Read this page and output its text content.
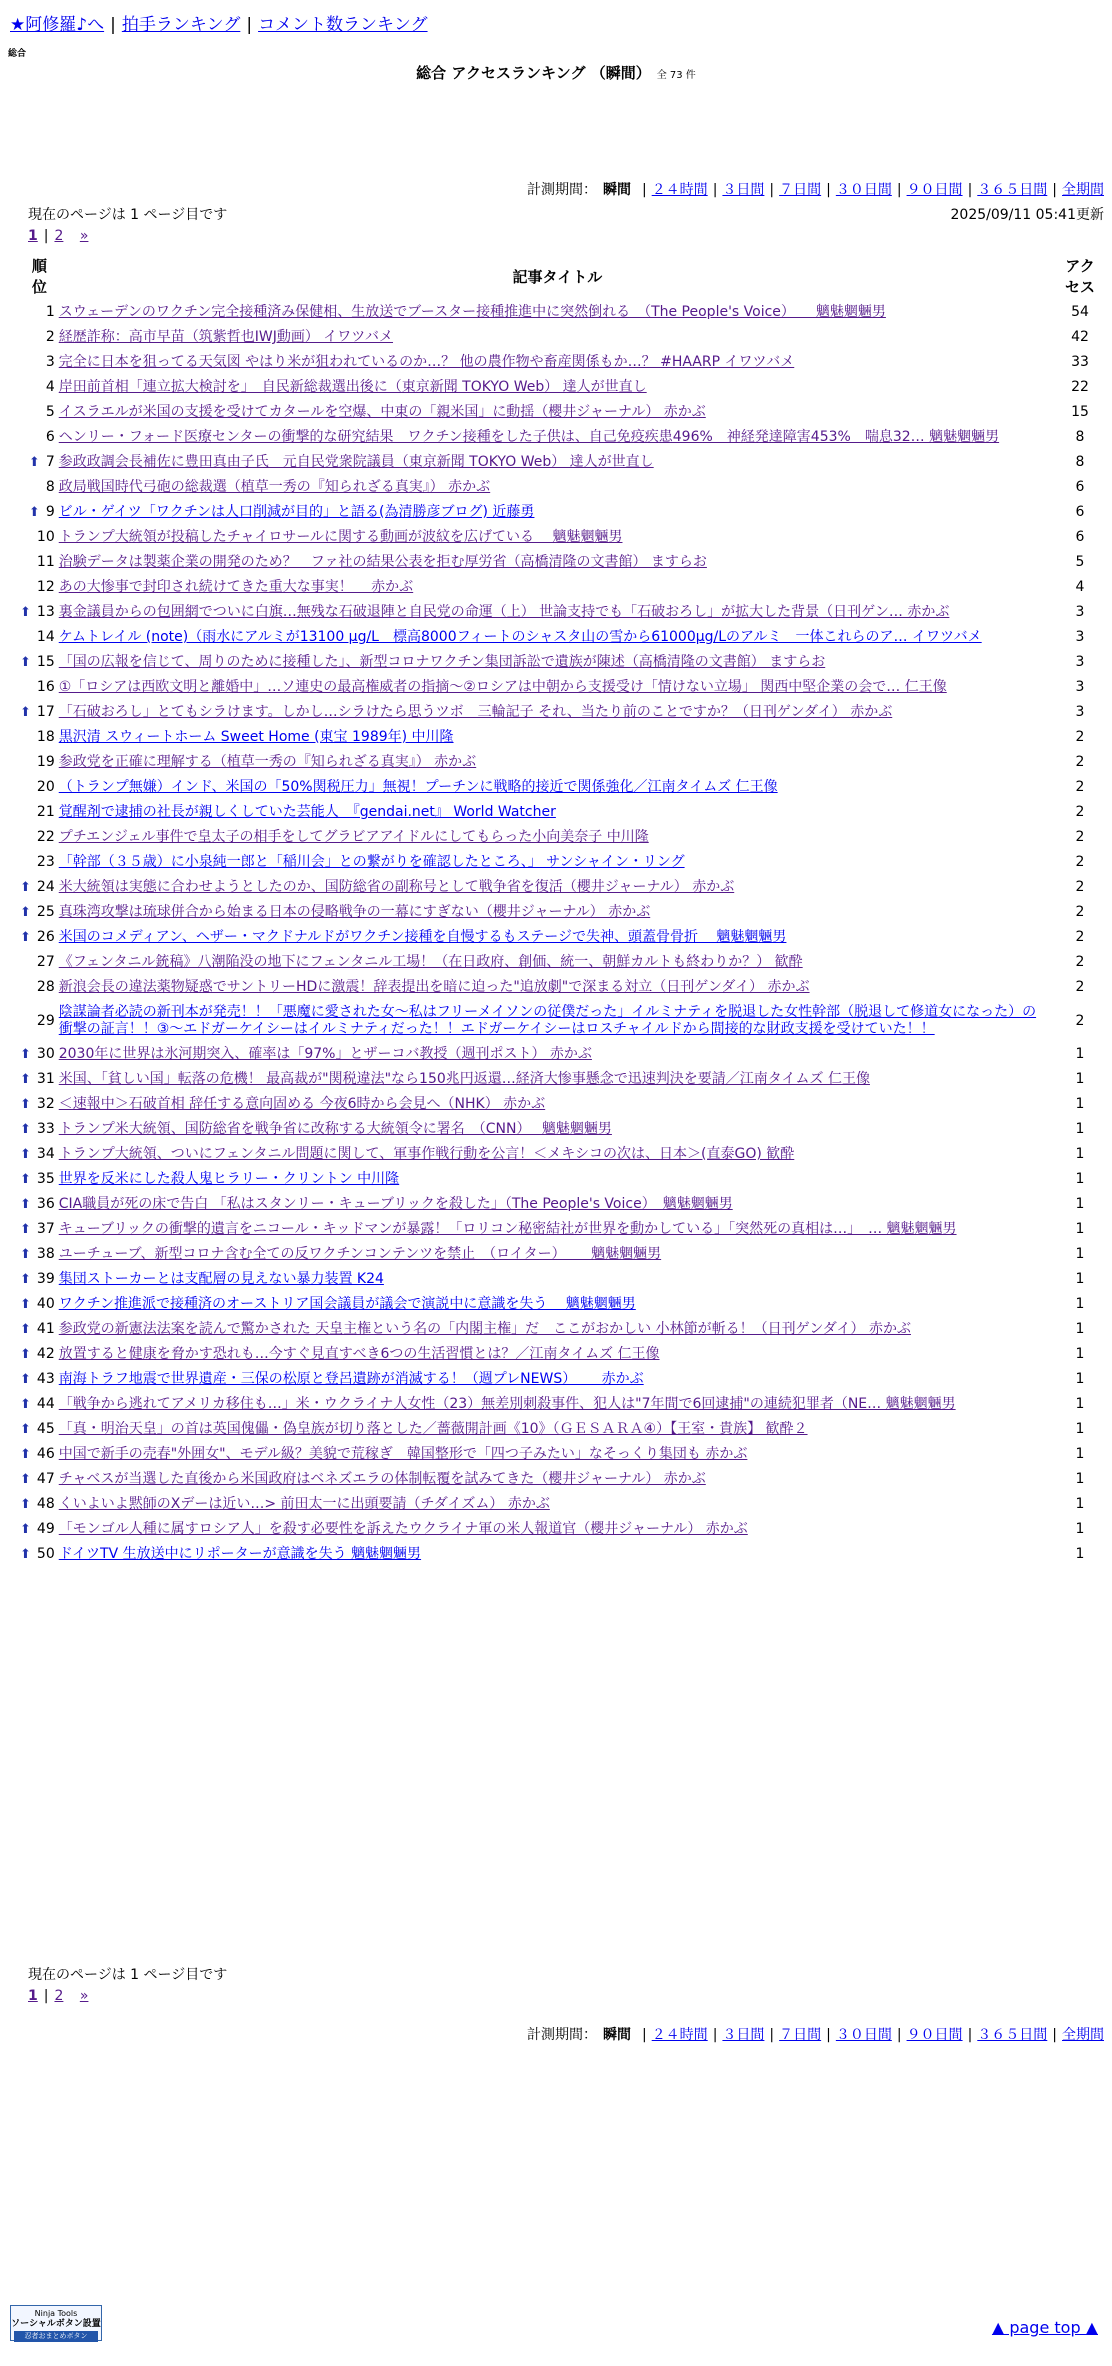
★阿修羅♪へ | 拍手ランキング | コメント数ランキング
総合
総合 アクセスランキング （瞬間） 全 73 件
計測期間： 瞬間 | ２４時間 | ３日間 | ７日間 | ３０日間 | ９０日間 | ３６５日間 | 全期間
現在のページは 1 ページ目です	2025/09/11 05:41更新
1 | 2 »
順
位	記事タイトル	アク
セス
1	スウェーデンのワクチン完全接種済み保健相、生放送でブースター接種推進中に突然倒れる　（The People's Voice）　　魑魅魍魎男	54
2	経歴詐称：高市早苗（筑紫哲也IWJ動画） イワツバメ	42
3	完全に日本を狙ってる天気図 やはり米が狙われているのか…？ 他の農作物や畜産関係もか…？ #HAARP イワツバメ	33
4	岸田前首相「連立拡大検討を」　自民新総裁選出後に（東京新聞 TOKYO Web） 達人が世直し	22
5	イスラエルが米国の支援を受けてカタールを空爆、中東の「親米国」に動揺（櫻井ジャーナル） 赤かぶ	15
6	ヘンリー・フォード医療センターの衝撃的な研究結果　ワクチン接種をした子供は、自己免疫疾患496%　神経発達障害453%　喘息32… 魑魅魍魎男	8
⬆ 7	参政政調会長補佐に豊田真由子氏　元自民党衆院議員（東京新聞 TOKYO Web） 達人が世直し	8
8	政局戦国時代弓砲の総裁選（植草一秀の『知られざる真実』） 赤かぶ	6
⬆ 9	ビル・ゲイツ「ワクチンは人口削減が目的」と語る(為清勝彦ブログ) 近藤勇	6
10	トランプ大統領が投稿したチャイロサールに関する動画が波紋を広げている　 魑魅魍魎男	6
11	治験データは製薬企業の開発のため？　ファ社の結果公表を拒む厚労省（高橋清隆の文書館） ますらお	5
12	あの大惨事で封印され続けてきた重大な事実！　 赤かぶ	4
⬆ 13	裏金議員からの包囲網でついに白旗…無残な石破退陣と自民党の命運（上） 世論支持でも「石破おろし」が拡大した背景（日刊ゲン… 赤かぶ	3
14	ケムトレイル (note)（雨水にアルミが13100 μg/L　標高8000フィートのシャスタ山の雪から61000μg/Lのアルミ　一体これらのア… イワツバメ	3
⬆ 15	「国の広報を信じて、周りのために接種した」、新型コロナワクチン集団訴訟で遺族が陳述（高橋清隆の文書館） ますらお	3
16	①「ロシアは西欧文明と離婚中」…ソ連史の最高権威者の指摘～②ロシアは中朝から支援受け「情けない立場」 関西中堅企業の会で… 仁王像	3
⬆ 17	「石破おろし」とてもシラけます。しかし…シラけたら思うツボ　三輪記子 それ、当たり前のことですか？（日刊ゲンダイ） 赤かぶ	3
18	黒沢清 スウィートホーム Sweet Home (東宝 1989年) 中川隆	2
19	参政党を正確に理解する（植草一秀の『知られざる真実』） 赤かぶ	2
20	（トランプ無嫌）インド、米国の「50%関税圧力」無視！プーチンに戦略的接近で関係強化／江南タイムズ 仁王像	2
21	覚醒剤で逮捕の社長が親しくしていた芸能人　『gendai.net』 World Watcher	2
22	プチエンジェル事件で皇太子の相手をしてグラビアアイドルにしてもらった小向美奈子 中川隆	2
23	「幹部（３５歳）に小泉純一郎と「稲川会」との繋がりを確認したところ、」 サンシャイン・リング	2
⬆ 24	米大統領は実態に合わせようとしたのか、国防総省の副称号として戦争省を復活（櫻井ジャーナル） 赤かぶ	2
⬆ 25	真珠湾攻撃は琉球併合から始まる日本の侵略戦争の一幕にすぎない（櫻井ジャーナル） 赤かぶ	2
⬆ 26	米国のコメディアン、ヘザー・マクドナルドがワクチン接種を自慢するもステージで失神、頭蓋骨骨折　 魑魅魍魎男	2
27	《フェンタニル銃稿》八潮陥没の地下にフェンタニル工場！（在日政府、創価、統一、朝鮮カルトも終わりか？） 歓酔	2
28	新浪会長の違法薬物疑惑でサントリーHDに激震！辞表提出を暗に迫った"追放劇"で深まる対立（日刊ゲンダイ） 赤かぶ	2
29	陰謀論者必読の新刊本が発売！！「悪魔に愛された女～私はフリーメイソンの従僕だった」イルミナティを脱退した女性幹部（脱退して修道女になった）の衝撃の証言！！③～エドガーケイシーはイルミナティだった！！エドガーケイシーはロスチャイルドから間接的な財政支援を受けていた！！	2
⬆ 30	2030年に世界は氷河期突入、確率は「97%」とザーコバ教授（週刊ポスト） 赤かぶ	1
⬆ 31	米国、「貧しい国」転落の危機！ 最高裁が"関税違法"なら150兆円返還…経済大惨事懸念で迅速判決を要請／江南タイムズ 仁王像	1
⬆ 32	＜速報中＞石破首相 辞任する意向固める 今夜6時から会見へ（NHK） 赤かぶ	1
⬆ 33	トランプ米大統領、国防総省を戦争省に改称する大統領令に署名　（CNN）　 魑魅魍魎男	1
⬆ 34	トランプ大統領、ついにフェンタニル問題に関して、軍事作戦行動を公言！＜メキシコの次は、日本＞(直泰GO) 歓酔	1
⬆ 35	世界を反米にした殺人鬼ヒラリー・クリントン 中川隆	1
⬆ 36	CIA職員が死の床で告白 「私はスタンリー・キューブリックを殺した」（The People's Voice）　魑魅魍魎男	1
⬆ 37	キューブリックの衝撃的遺言をニコール・キッドマンが暴露！「ロリコン秘密結社が世界を動かしている」「突然死の真相は…」　… 魑魅魍魎男	1
⬆ 38	ユーチューブ、新型コロナ含む全ての反ワクチンコンテンツを禁止　（ロイター）　　 魑魅魍魎男	1
⬆ 39	集団ストーカーとは支配層の見えない暴力装置 K24	1
⬆ 40	ワクチン推進派で接種済のオーストリア国会議員が議会で演説中に意識を失う　 魑魅魍魎男	1
⬆ 41	参政党の新憲法法案を読んで驚かされた 天皇主権という名の「内閣主権」だ　ここがおかしい 小林節が斬る！（日刊ゲンダイ） 赤かぶ	1
⬆ 42	放置すると健康を脅かす恐れも…今すぐ見直すべき6つの生活習慣とは？／江南タイムズ 仁王像	1
⬆ 43	南海トラフ地震で世界遺産・三保の松原と登呂遺跡が消滅する！（週プレNEWS）　　 赤かぶ	1
⬆ 44	「戦争から逃れてアメリカ移住も…」米・ウクライナ人女性（23）無差別刺殺事件、犯人は"7年間で6回逮捕"の連続犯罪者（NE… 魑魅魍魎男	1
⬆ 45	「真・明治天皇」の首は英国傀儡・偽皇族が切り落とした／薔薇開計画《10》（ＧＥＳＡＲＡ④）【王室・貴族】 歓酔２	1
⬆ 46	中国で新手の売春"外囲女"、モデル級？美貌で荒稼ぎ　韓国整形で「四つ子みたい」なそっくり集団も 赤かぶ	1
⬆ 47	チャベスが当選した直後から米国政府はベネズエラの体制転覆を試みてきた（櫻井ジャーナル） 赤かぶ	1
⬆ 48	くいよいよ黙師のXデーは近い…> 前田太一に出頭要請（チダイズム） 赤かぶ	1
⬆ 49	「モンゴル人種に属すロシア人」を殺す必要性を訴えたウクライナ軍の米人報道官（櫻井ジャーナル） 赤かぶ	1
⬆ 50	ドイツTV 生放送中にリポーターが意識を失う 魑魅魍魎男	1
現在のページは 1 ページ目です
1 | 2 »
計測期間： 瞬間 | ２４時間 | ３日間 | ７日間 | ３０日間 | ９０日間 | ３６５日間 | 全期間
Ninja Tools
ソーシャルボタン設置
忍者おまとめボタン	▲ page top ▲
